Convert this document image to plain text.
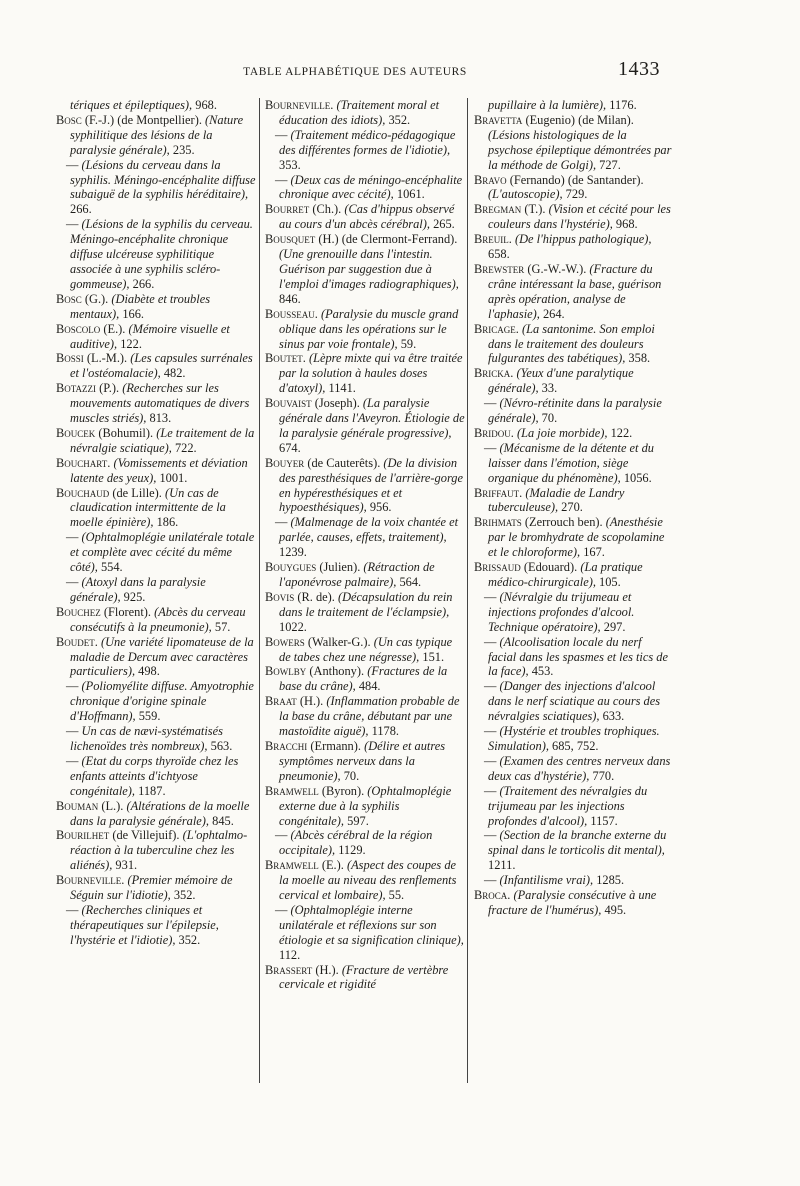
TABLE ALPHABÉTIQUE DES AUTEURS	1433

tériques et épileptiques), 968.

Bosc (F.-J.) (de Montpellier). (Nature syphilitique des lésions de la paralysie générale), 235.

— (Lésions du cerveau dans la syphilis. Méningo-encéphalite diffuse subaiguë de la syphilis héréditaire), 266.

— (Lésions de la syphilis du cerveau. Méningo-encéphalite chronique diffuse ulcéreuse syphilitique associée à une syphilis scléro-gommeuse), 266.

Bosc (G.). (Diabète et troubles mentaux), 166.

Boscolo (E.). (Mémoire visuelle et auditive), 122.

Bossi (L.-M.). (Les capsules surrénales et l'ostéomalacie), 482.

Botazzi (P.). (Recherches sur les mouvements automatiques de divers muscles striés), 813.

Boucek (Bohumil). (Le traitement de la névralgie sciatique), 722.

Bouchart. (Vomissements et déviation latente des yeux), 1001.

Bouchaud (de Lille). (Un cas de claudication intermittente de la moelle épinière), 186.

— (Ophtalmoplégie unilatérale totale et complète avec cécité du même côté), 554.

— (Atoxyl dans la paralysie générale), 925.

Bouchez (Florent). (Abcès du cerveau consécutifs à la pneumonie), 57.

Boudet. (Une variété lipomateuse de la maladie de Dercum avec caractères particuliers), 498.

— (Poliomyélite diffuse. Amyotrophie chronique d'origine spinale d'Hoffmann), 559.

— Un cas de nævi-systématisés lichenoïdes très nombreux), 563.

— (Etat du corps thyroïde chez les enfants atteints d'ichtyose congénitale), 1187.

Bouman (L.). (Altérations de la moelle dans la paralysie générale), 845.

Bourilhet (de Villejuif). (L'ophtalmo-réaction à la tuberculine chez les aliénés), 931.

Bourneville. (Premier mémoire de Séguin sur l'idiotie), 352.

— (Recherches cliniques et thérapeutiques sur l'épilepsie, l'hystérie et l'idiotie), 352.

Bourneville. (Traitement moral et éducation des idiots), 352.

— (Traitement médico-pédagogique des différentes formes de l'idiotie), 353.

— (Deux cas de méningo-encéphalite chronique avec cécité), 1061.

Bourret (Ch.). (Cas d'hippus observé au cours d'un abcès cérébral), 265.

Bousquet (H.) (de Clermont-Ferrand). (Une grenouille dans l'intestin. Guérison par suggestion due à l'emploi d'images radiographiques), 846.

Bousseau. (Paralysie du muscle grand oblique dans les opérations sur le sinus par voie frontale), 59.

Boutet. (Lèpre mixte qui va être traitée par la solution à haules doses d'atoxyl), 1141.

Bouvaist (Joseph). (La paralysie générale dans l'Aveyron. Étiologie de la paralysie générale progressive), 674.

Bouyer (de Cauterêts). (De la division des paresthésiques de l'arrière-gorge en hypéresthésiques et et hypoesthésiques), 956.

— (Malmenage de la voix chantée et parlée, causes, effets, traitement), 1239.

Bouygues (Julien). (Rétraction de l'aponévrose palmaire), 564.

Bovis (R. de). (Décapsulation du rein dans le traitement de l'éclampsie), 1022.

Bowers (Walker-G.). (Un cas typique de tabes chez une négresse), 151.

Bowlby (Anthony). (Fractures de la base du crâne), 484.

Braat (H.). (Inflammation probable de la base du crâne, débutant par une mastoïdite aiguë), 1178.

Bracchi (Ermann). (Délire et autres symptômes nerveux dans la pneumonie), 70.

Bramwell (Byron). (Ophtalmoplégie externe due à la syphilis congénitale), 597.

— (Abcès cérébral de la région occipitale), 1129.

Bramwell (E.). (Aspect des coupes de la moelle au niveau des renflements cervical et lombaire), 55.

— (Ophtalmoplégie interne unilatérale et réflexions sur son étiologie et sa signification clinique), 112.

Brassert (H.). (Fracture de vertèbre cervicale et rigidité

pupillaire à la lumière), 1176.

Bravetta (Eugenio) (de Milan). (Lésions histologiques de la psychose épileptique démontrées par la méthode de Golgi), 727.

Bravo (Fernando) (de Santander). (L'autoscopie), 729.

Bregman (T.). (Vision et cécité pour les couleurs dans l'hystérie), 968.

Breuil. (De l'hippus pathologique), 658.

Brewster (G.-W.-W.). (Fracture du crâne intéressant la base, guérison après opération, analyse de l'aphasie), 264.

Bricage. (La santonime. Son emploi dans le traitement des douleurs fulgurantes des tabétiques), 358.

Bricka. (Yeux d'une paralytique générale), 33.

— (Névro-rétinite dans la paralysie générale), 70.

Bridou. (La joie morbide), 122.

— (Mécanisme de la détente et du laisser dans l'émotion, siège organique du phénomène), 1056.

Briffaut. (Maladie de Landry tuberculeuse), 270.

Brihmats (Zerrouch ben). (Anesthésie par le bromhydrate de scopolamine et le chloroforme), 167.

Brissaud (Edouard). (La pratique médico-chirurgicale), 105.

— (Névralgie du trijumeau et injections profondes d'alcool. Technique opératoire), 297.

— (Alcoolisation locale du nerf facial dans les spasmes et les tics de la face), 453.

— (Danger des injections d'alcool dans le nerf sciatique au cours des névralgies sciatiques), 633.

— (Hystérie et troubles trophiques. Simulation), 685, 752.

— (Examen des centres nerveux dans deux cas d'hystérie), 770.

— (Traitement des névralgies du trijumeau par les injections profondes d'alcool), 1157.

— (Section de la branche externe du spinal dans le torticolis dit mental), 1211.

— (Infantilisme vrai), 1285.

Broca. (Paralysie consécutive à une fracture de l'humérus), 495.
